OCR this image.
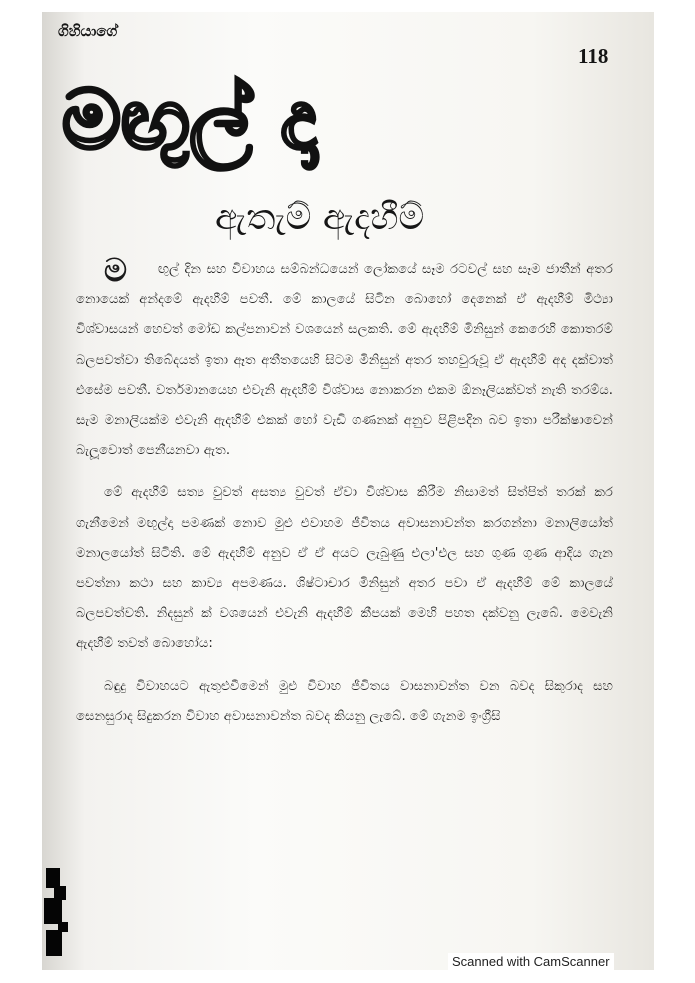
ගිහියාගේ
118
මඟුල් දා
ඇතැම් ඇදහීම්

මඟුල් දින සහ විවාහය සම්බන්ධයෙන් ලෝකයේ සෑම රටවල් සහ සෑම ජාතීන් අතර නොයෙක් අන්දමේ ඇදහීම් පවතී. මේ කාලයේ සිටින බොහෝ දෙනෙක් ඒ ඇදහීම් මිථ්‍යා විශ්වාසයන් හෙවත් මෝඩ කල්පනාවන් වශයෙන් සලකති. මේ ඇදහීම් මිනිසුන් කෙරෙහි කොතරම් බලපවත්වා තිබේදයත් ඉතා ඈත අතීතයෙහි සිටම මිනිසුන් අතර තහවුරුවූ ඒ ඇදහීම් අද දක්වාත් එසේම පවතී. වර්තමානයෙහ එවැනි ඇදහීම් විශ්වාස නොකරන එකම ඕනෑලියක්වත් නැති තරම්ය. සැම මනාලියක්ම එවැනි ඇදහීම් එකක් හෝ වැඩි ගණනක් අනුව පිළිපදින බව ඉතා පරීක්ෂාවෙන් බැලූවොත් පෙනීයනවා ඇත.

මේ ඇදහීම් සත්‍ය වුවත් අසත්‍ය වුවත් ඒවා විශ්වාස කිරීම නිසාමත් සිත්පිත් තරක් කර ගැනීමෙන් මඟුල්දා පමණක් නොව මුළු එවාහම ජීවිතය අවාසනාවන්ත කරගන්නා මනාලියෝත් මනාලයෝත් සිටිති. මේ ඇදහීම් අනුව ඒ ඒ අයට ලැබුණු එලා'එල සහ ගුණ ගුණ ආදිය ගැන පවත්නා කථා සහ කාව්‍ය අපමණය. ශිෂ්ටාචාර මිනිසුන් අතර පවා ඒ ඇදහීම් මේ කාලයේ බලපවත්වති. නිදසුන් ක් වශයෙන් එවැනි ඇදහීම් කීපයක් මෙහි පහත දක්වනු ලැබේ. මෙවැනි ඇදහීම් තවත් බොහෝය:

බඳුදු විවාහයට ඇතුළුවීමෙන් මුළු විවාහ ජීවිතය වාසනාවන්ත වන බවද සිකුරාද සහ සෙනසුරාද සිදුකරන විවාහ අවාසනාවන්ත බවද කියනු ලැබේ. මේ ගැනම ඉංග්‍රීසි

Scanned with CamScanner
